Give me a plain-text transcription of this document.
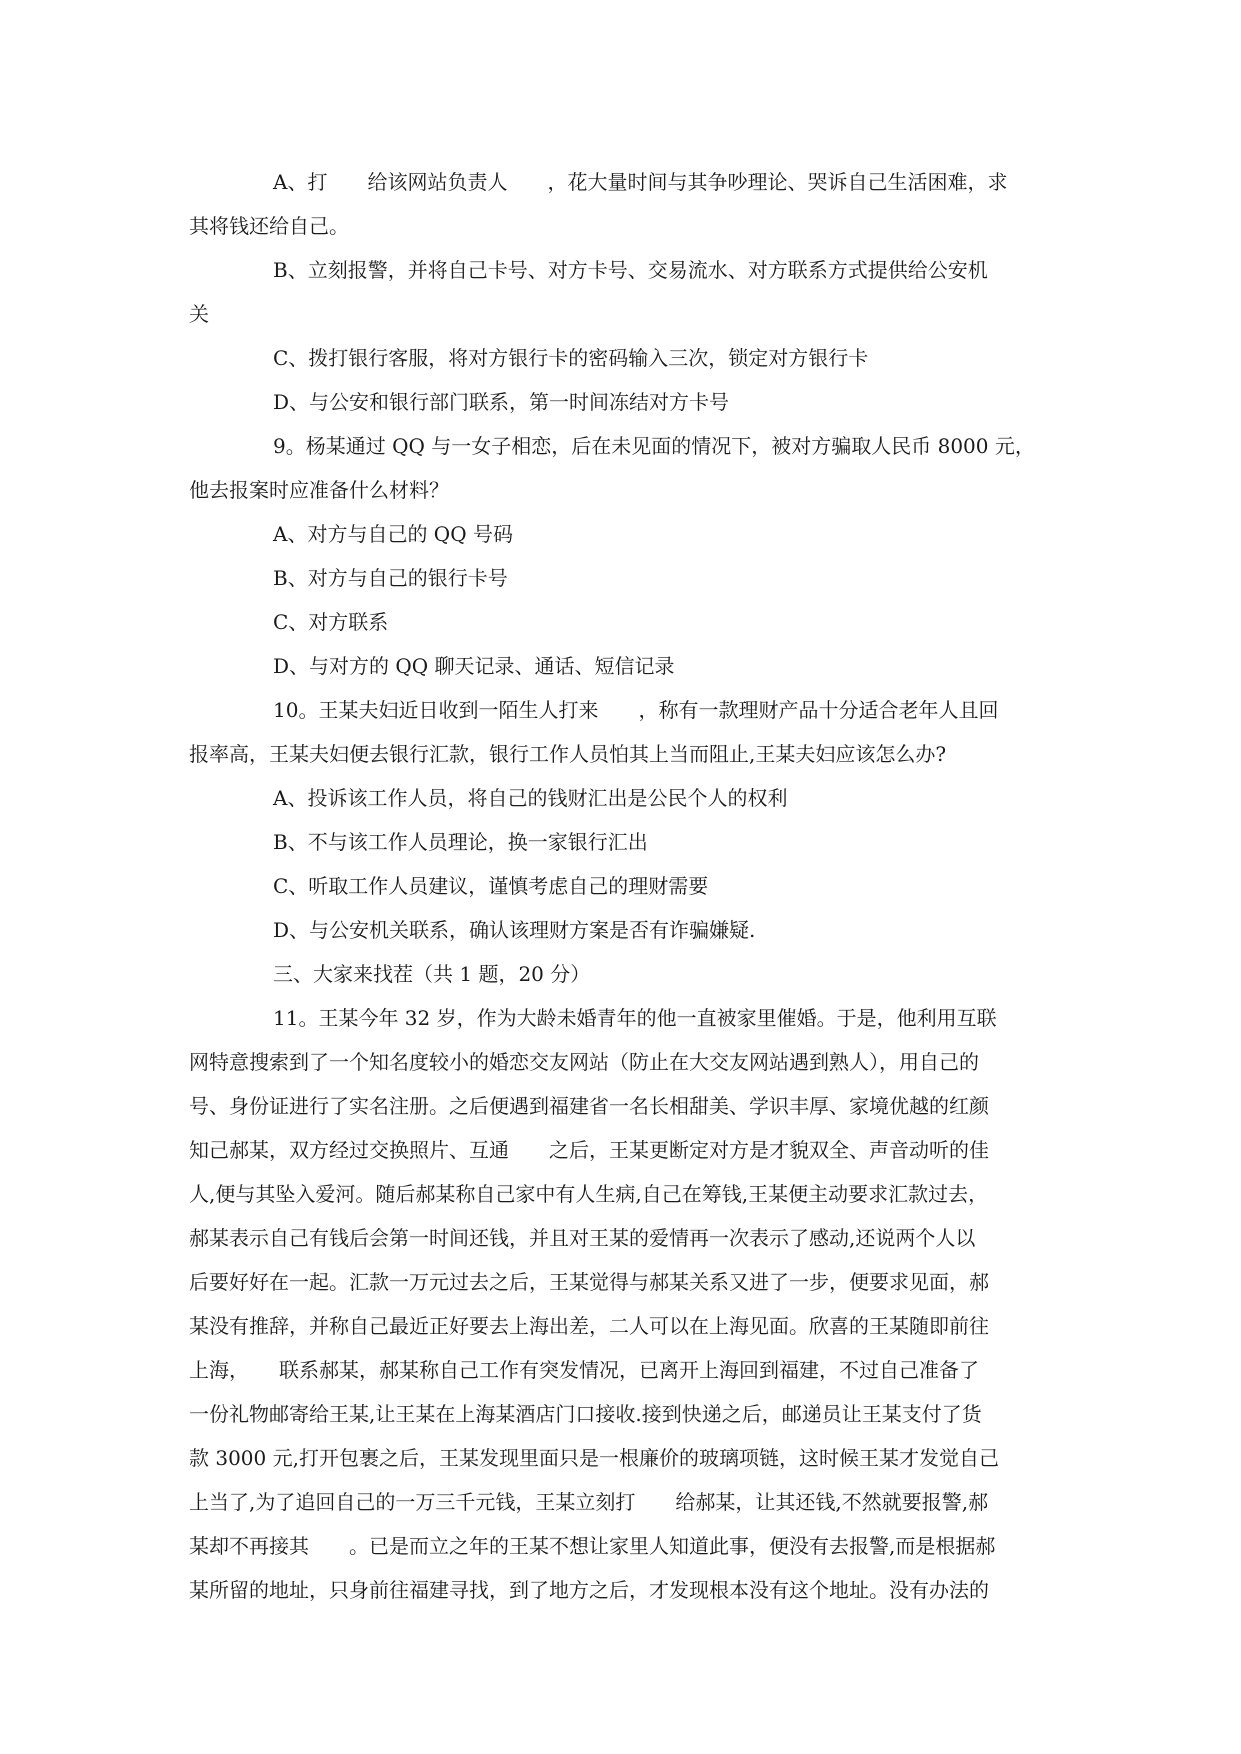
A、打　　给该网站负责人　　，花大量时间与其争吵理论、哭诉自己生活困难，求
其将钱还给自己。
B、立刻报警，并将自己卡号、对方卡号、交易流水、对方联系方式提供给公安机
关
C、拨打银行客服，将对方银行卡的密码输入三次，锁定对方银行卡
D、与公安和银行部门联系，第一时间冻结对方卡号
9。杨某通过 QQ 与一女子相恋，后在未见面的情况下，被对方骗取人民币 8000 元，
他去报案时应准备什么材料？
A、对方与自己的 QQ 号码
B、对方与自己的银行卡号
C、对方联系
D、与对方的 QQ 聊天记录、通话、短信记录
10。王某夫妇近日收到一陌生人打来　　，称有一款理财产品十分适合老年人且回
报率高，王某夫妇便去银行汇款，银行工作人员怕其上当而阻止,王某夫妇应该怎么办?
A、投诉该工作人员，将自己的钱财汇出是公民个人的权利
B、不与该工作人员理论，换一家银行汇出
C、听取工作人员建议，谨慎考虑自己的理财需要
D、与公安机关联系，确认该理财方案是否有诈骗嫌疑.
三、大家来找茬（共 1 题，20 分）
11。王某今年 32 岁，作为大龄未婚青年的他一直被家里催婚。于是，他利用互联
网特意搜索到了一个知名度较小的婚恋交友网站（防止在大交友网站遇到熟人），用自己的
号、身份证进行了实名注册。之后便遇到福建省一名长相甜美、学识丰厚、家境优越的红颜
知己郝某，双方经过交换照片、互通　　之后，王某更断定对方是才貌双全、声音动听的佳
人,便与其坠入爱河。随后郝某称自己家中有人生病,自己在筹钱,王某便主动要求汇款过去，
郝某表示自己有钱后会第一时间还钱，并且对王某的爱情再一次表示了感动,还说两个人以
后要好好在一起。汇款一万元过去之后，王某觉得与郝某关系又进了一步，便要求见面，郝
某没有推辞，并称自己最近正好要去上海出差，二人可以在上海见面。欣喜的王某随即前往
上海，　　联系郝某，郝某称自己工作有突发情况，已离开上海回到福建，不过自己准备了
一份礼物邮寄给王某,让王某在上海某酒店门口接收.接到快递之后，邮递员让王某支付了货
款 3000 元,打开包裹之后，王某发现里面只是一根廉价的玻璃项链，这时候王某才发觉自己
上当了,为了追回自己的一万三千元钱，王某立刻打　　给郝某，让其还钱,不然就要报警,郝
某却不再接其　　。已是而立之年的王某不想让家里人知道此事，便没有去报警,而是根据郝
某所留的地址，只身前往福建寻找，到了地方之后，才发现根本没有这个地址。没有办法的
